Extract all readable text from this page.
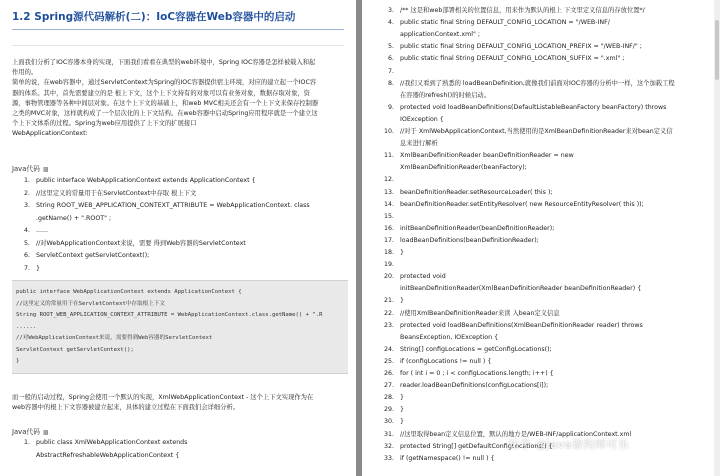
1.2 Spring源代码解析(二)：IoC容器在Web容器中的启动
上面我们分析了IOC容器本身的实现，下面我们看看在典型的web环境中，Spring IOC容器是怎样被载入和起
作用的。
简单的说，在web容器中，通过ServletContext为Spring的IOC容器提供宿主环境，对应的建立起一个IOC容
器的体系。其中，首先需要建立的是 根上下文，这个上下文持有的对象可以有业务对象，数据存取对象，资
源，事物管理器等各种中间层对象。在这个上下文的基础上，和web MVC相关还会有一个上下文来保存控制器
之类的MVC对象，这样就构成了一个层次化的上下文结构。在web容器中启动Spring应用程序就是一个建立这
个上下文体系的过程。Spring为web应用提供了上下文的扩展接口
WebApplicationContext:
Java代码 ▩
1. public interface WebApplicationContext extends ApplicationContext {
2. //这里定义的常量用于在ServletContext中存取 根上下文
3. String ROOT_WEB_APPLICATION_CONTEXT_ATTRIBUTE = WebApplicationContext. class
.getName() + ".ROOT" ;
4. ......
5. //对WebApplicationContext来说，需要 得到Web容器的ServletContext
6. ServletContext getServletContext();
7. }
public interface WebApplicationContext extends ApplicationContext {
//这里定义的常量用于在ServletContext中存取根上下文
String ROOT_WEB_APPLICATION_CONTEXT_ATTRIBUTE = WebApplicationContext.class.getName() + ".R
......
//对WebApplicationContext来说，需要得到Web容器的ServletContext
ServletContext getServletContext();
}
而一般的启动过程，Spring会使用一个默认的实现，XmlWebApplicationContext - 这个上下文实现作为在
web容器中的根上下文容器被建立起来，具体的建立过程在下面我们会详细分析。
Java代码 ▩
1. public class XmlWebApplicationContext extends
AbstractRefreshableWebApplicationContext {
3. /** 这是和web部署相关的位置信息，用来作为默认的根上 下文里定义信息的存放位置*/
4. public static final String DEFAULT_CONFIG_LOCATION = "/WEB-INF/
applicationContext.xml" ;
5. public static final String DEFAULT_CONFIG_LOCATION_PREFIX = "/WEB-INF/" ;
6. public static final String DEFAULT_CONFIG_LOCATION_SUFFIX = ".xml" ;
7.
8. //我们又看到了熟悉的 loadBeanDefinition,就像我们前面对IOC容器的分析中一样，这个加载工程
在容器的refresh()的时候启动。
9. protected void loadBeanDefinitions(DefaultListableBeanFactory beanFactory) throws
IOException {
10. //对于 XmlWebApplicationContext,当然使用的是XmlBeanDefinitionReader来对bean定义信
息来进行解析
11. XmlBeanDefinitionReader beanDefinitionReader = new
XmlBeanDefinitionReader(beanFactory);
12.
13. beanDefinitionReader.setResourceLoader( this );
14. beanDefinitionReader.setEntityResolver( new ResourceEntityResolver( this ));
15.
16. initBeanDefinitionReader(beanDefinitionReader);
17. loadBeanDefinitions(beanDefinitionReader);
18. }
19.
20. protected void
initBeanDefinitionReader(XmlBeanDefinitionReader beanDefinitionReader) {
21. }
22. //使用XmlBeanDefinitionReader来读 入bean定义信息
23. protected void loadBeanDefinitions(XmlBeanDefinitionReader reader) throws
BeansException, IOException {
24. String[] configLocations = getConfigLocations();
25. if (configLocations != null ) {
26. for ( int i = 0 ; i < configLocations.length; i++) {
27. reader.loadBeanDefinitions(configLocations[i]);
28. }
29. }
30. }
31. //这里取得bean定义信息位置，默认的地方是/WEB-INF/applicationContext.xml
32. protected String[] getDefaultConfigLocations() {
33. if (getNamespace() != null ) {
知乎 @Java架构师可乐
